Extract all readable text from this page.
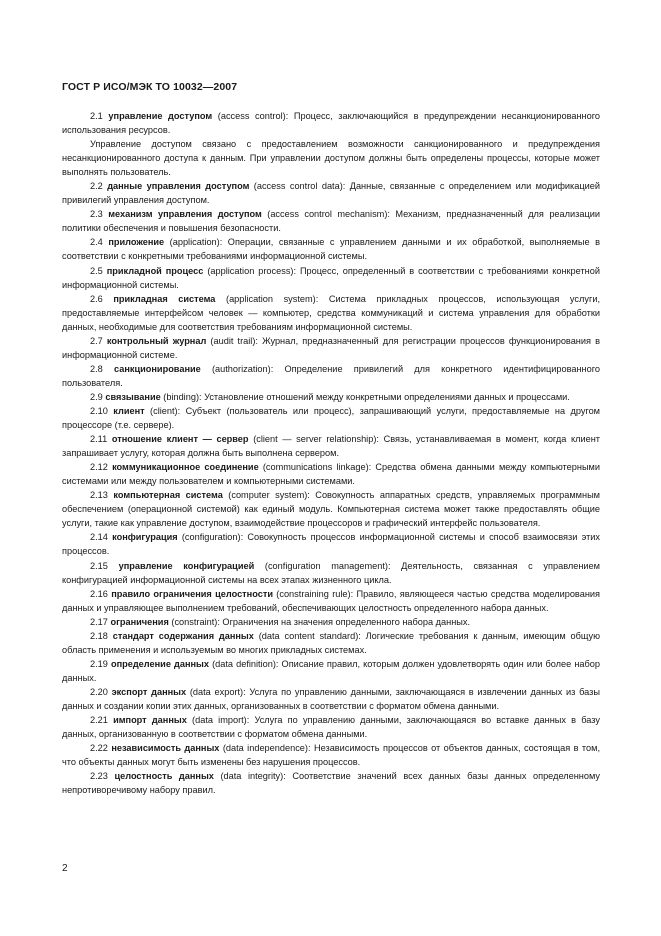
ГОСТ Р ИСО/МЭК ТО 10032—2007

2.1 управление доступом (access control): Процесс, заключающийся в предупреждении несанкционированного использования ресурсов.

Управление доступом связано с предоставлением возможности санкционированного и предупреждения несанкционированного доступа к данным. При управлении доступом должны быть определены процессы, которые может выполнять пользователь.

2.2 данные управления доступом (access control data): Данные, связанные с определением или модификацией привилегий управления доступом.

2.3 механизм управления доступом (access control mechanism): Механизм, предназначенный для реализации политики обеспечения и повышения безопасности.

2.4 приложение (application): Операции, связанные с управлением данными и их обработкой, выполняемые в соответствии с конкретными требованиями информационной системы.

2.5 прикладной процесс (application process): Процесс, определенный в соответствии с требованиями конкретной информационной системы.

2.6 прикладная система (application system): Система прикладных процессов, использующая услуги, предоставляемые интерфейсом человек — компьютер, средства коммуникаций и система управления для обработки данных, необходимые для соответствия требованиям информационной системы.

2.7 контрольный журнал (audit trail): Журнал, предназначенный для регистрации процессов функционирования в информационной системе.

2.8 санкционирование (authorization): Определение привилегий для конкретного идентифицированного пользователя.

2.9 связывание (binding): Установление отношений между конкретными определениями данных и процессами.

2.10 клиент (client): Субъект (пользователь или процесс), запрашивающий услуги, предоставляемые на другом процессоре (т.е. сервере).

2.11 отношение клиент — сервер (client — server relationship): Связь, устанавливаемая в момент, когда клиент запрашивает услугу, которая должна быть выполнена сервером.

2.12 коммуникационное соединение (communications linkage): Средства обмена данными между компьютерными системами или между пользователем и компьютерными системами.

2.13 компьютерная система (computer system): Совокупность аппаратных средств, управляемых программным обеспечением (операционной системой) как единый модуль. Компьютерная система может также предоставлять общие услуги, такие как управление доступом, взаимодействие процессоров и графический интерфейс пользователя.

2.14 конфигурация (configuration): Совокупность процессов информационной системы и способ взаимосвязи этих процессов.

2.15 управление конфигурацией (configuration management): Деятельность, связанная с управлением конфигурацией информационной системы на всех этапах жизненного цикла.

2.16 правило ограничения целостности (constraining rule): Правило, являющееся частью средства моделирования данных и управляющее выполнением требований, обеспечивающих целостность определенного набора данных.

2.17 ограничения (constraint): Ограничения на значения определенного набора данных.

2.18 стандарт содержания данных (data content standard): Логические требования к данным, имеющим общую область применения и используемым во многих прикладных системах.

2.19 определение данных (data definition): Описание правил, которым должен удовлетворять один или более набор данных.

2.20 экспорт данных (data export): Услуга по управлению данными, заключающаяся в извлечении данных из базы данных и создании копии этих данных, организованных в соответствии с форматом обмена данными.

2.21 импорт данных (data import): Услуга по управлению данными, заключающаяся во вставке данных в базу данных, организованную в соответствии с форматом обмена данными.

2.22 независимость данных (data independence): Независимость процессов от объектов данных, состоящая в том, что объекты данных могут быть изменены без нарушения процессов.

2.23 целостность данных (data integrity): Соответствие значений всех данных базы данных определенному непротиворечивому набору правил.

2
